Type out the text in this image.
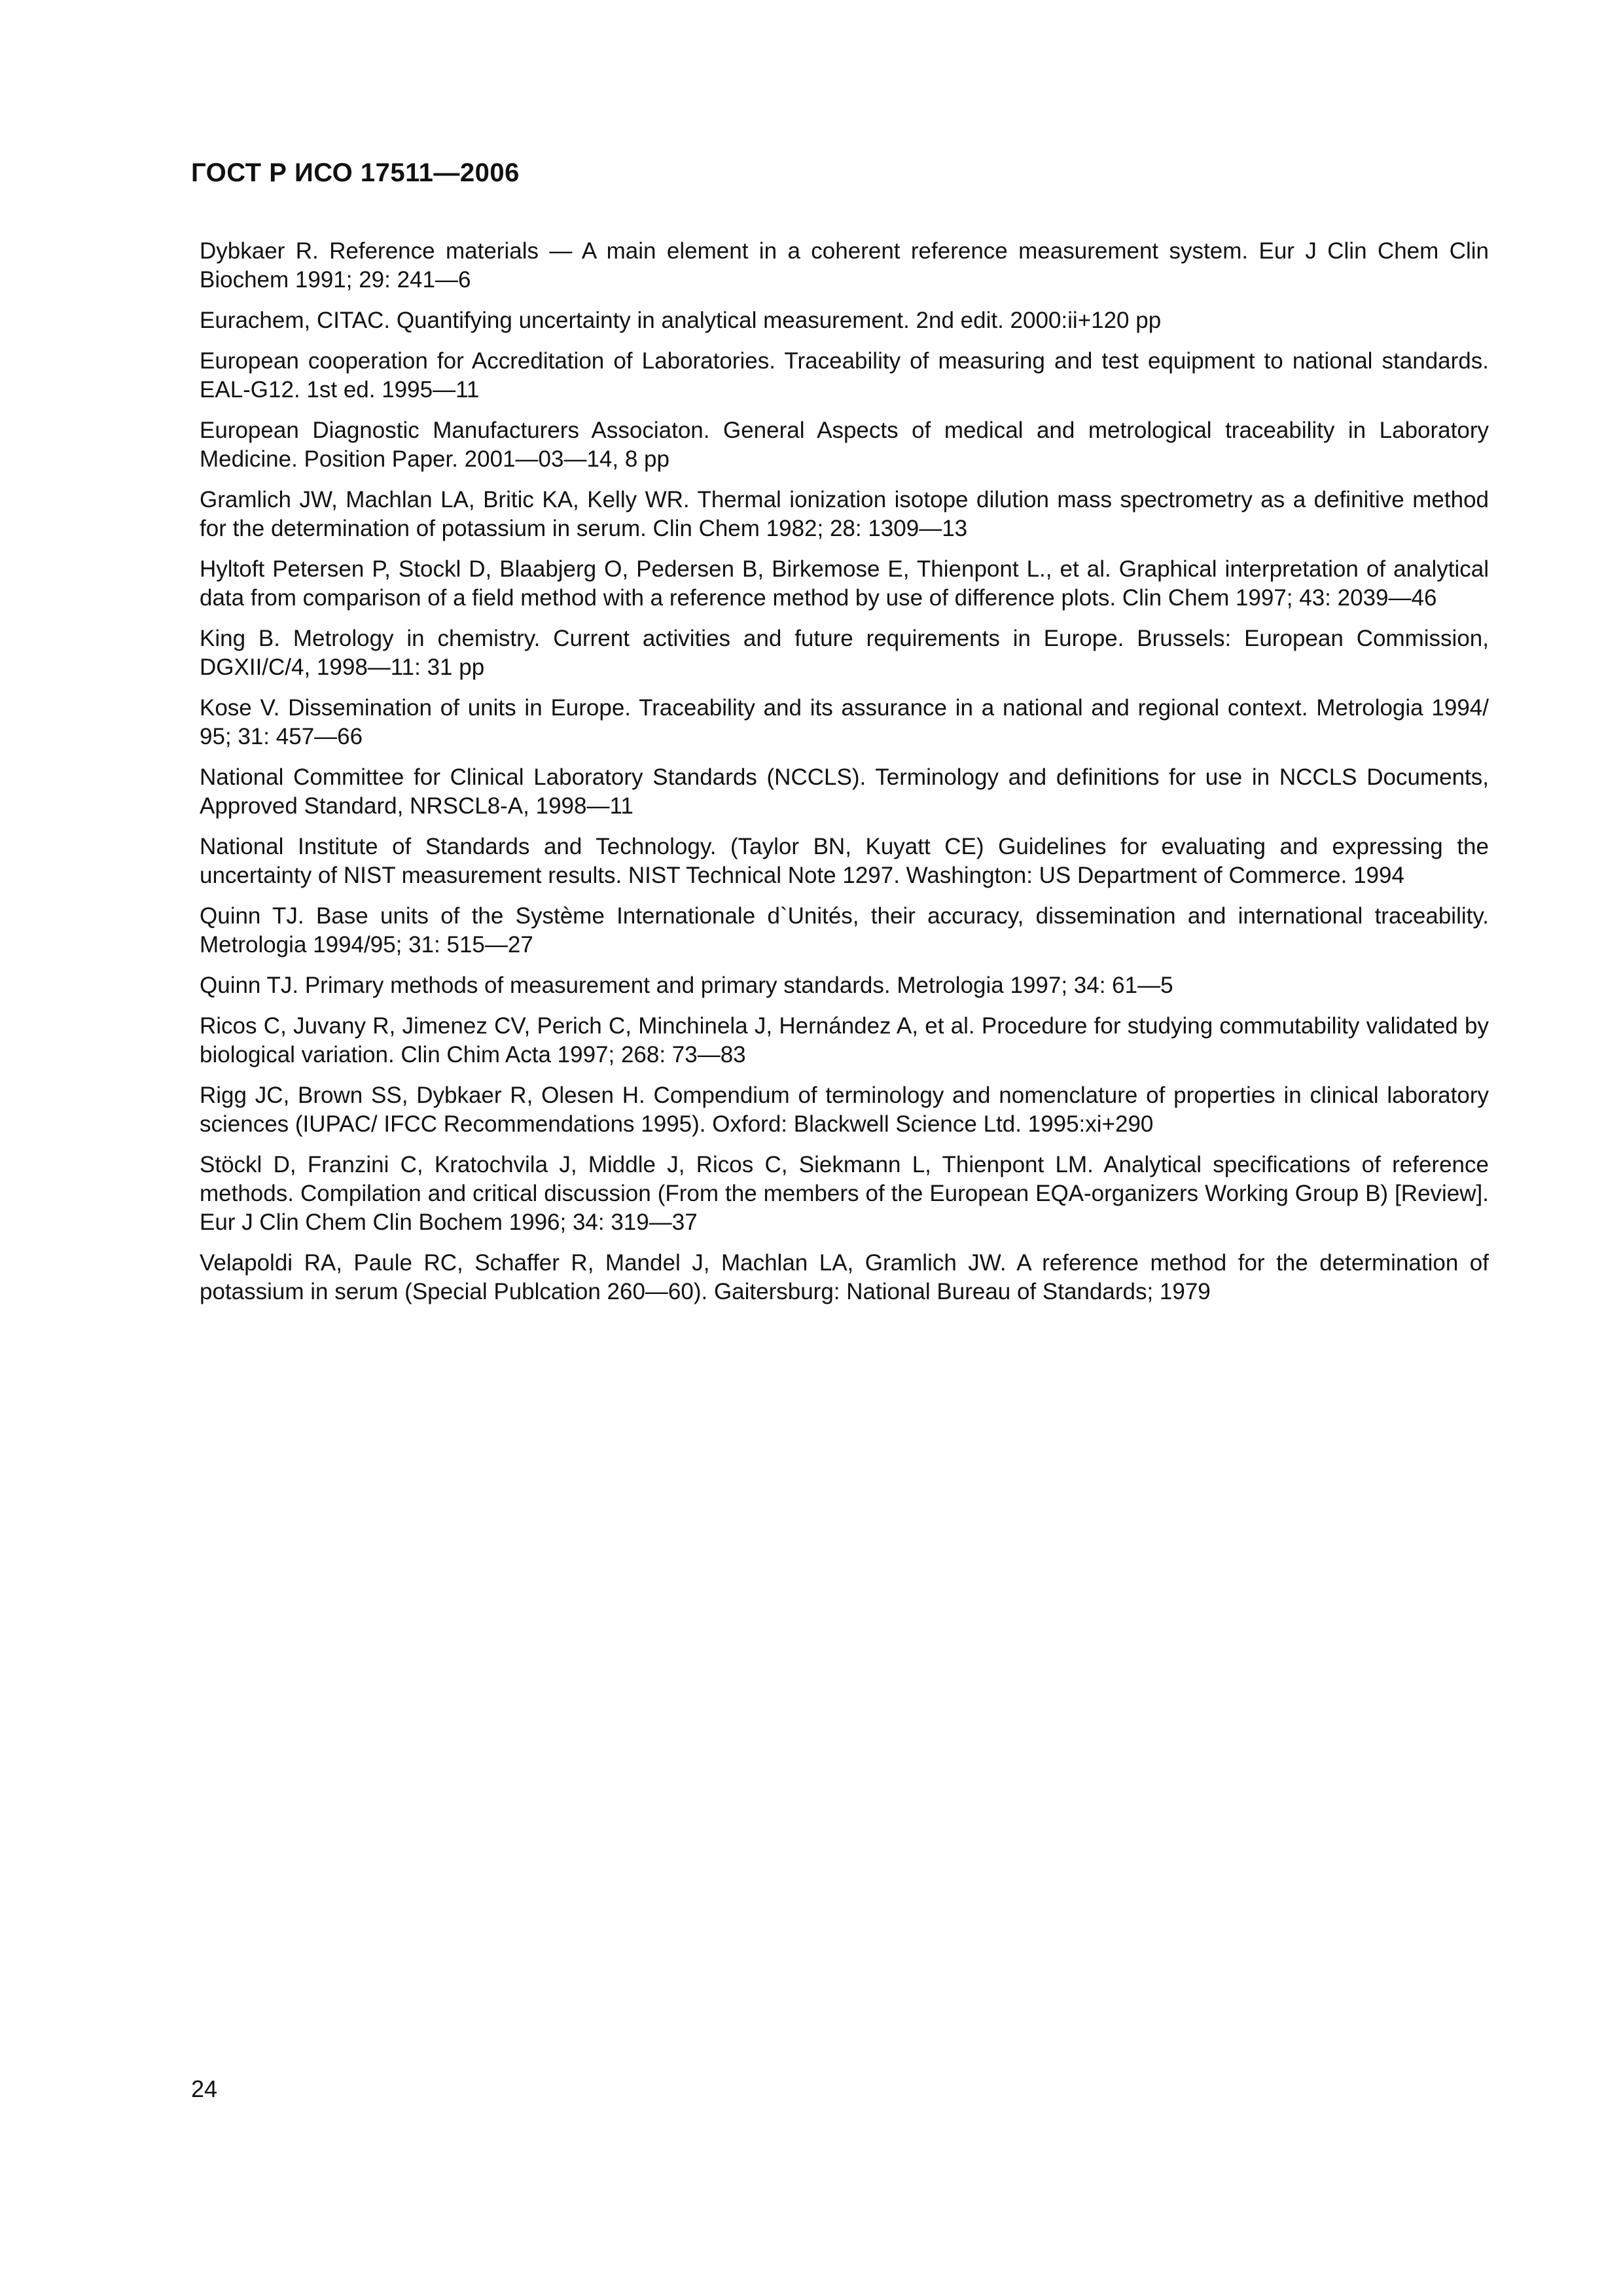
ГОСТ Р ИСО 17511—2006
Dybkaer R. Reference materials — A main element in a coherent reference measurement system. Eur J Clin Chem Clin Biochem 1991; 29: 241—6
Eurachem, CITAC. Quantifying uncertainty in analytical measurement. 2nd edit. 2000:ii+120 pp
European cooperation for Accreditation of Laboratories. Traceability of measuring and test equipment to national standards. EAL-G12. 1st ed. 1995—11
European Diagnostic Manufacturers Associaton. General Aspects of medical and metrological traceability in Laboratory Medicine. Position Paper. 2001—03—14, 8 pp
Gramlich JW, Machlan LA, Britic KA, Kelly WR. Thermal ionization isotope dilution mass spectrometry as a definitive method for the determination of potassium in serum. Clin Chem 1982; 28: 1309—13
Hyltoft Petersen P, Stockl D, Blaabjerg O, Pedersen B, Birkemose E, Thienpont L., et al. Graphical interpretation of analytical data from comparison of a field method with a reference method by use of difference plots. Clin Chem 1997; 43: 2039—46
King B. Metrology in chemistry. Current activities and future requirements in Europe. Brussels: European Commission, DGXII/C/4, 1998—11: 31 pp
Kose V. Dissemination of units in Europe. Traceability and its assurance in a national and regional context. Metrologia 1994/ 95; 31: 457—66
National Committee for Clinical Laboratory Standards (NCCLS). Terminology and definitions for use in NCCLS Documents, Approved Standard, NRSCL8-A, 1998—11
National Institute of Standards and Technology. (Taylor BN, Kuyatt CE) Guidelines for evaluating and expressing the uncertainty of NIST measurement results. NIST Technical Note 1297. Washington: US Department of Commerce. 1994
Quinn TJ. Base units of the Système Internationale d`Unités, their accuracy, dissemination and international traceability. Metrologia 1994/95; 31: 515—27
Quinn TJ. Primary methods of measurement and primary standards. Metrologia 1997; 34: 61—5
Ricos C, Juvany R, Jimenez CV, Perich C, Minchinela J, Hernández A, et al. Procedure for studying commutability validated by biological variation. Clin Chim Acta 1997; 268: 73—83
Rigg JC, Brown SS, Dybkaer R, Olesen H. Compendium of terminology and nomenclature of properties in clinical laboratory sciences (IUPAC/ IFCC Recommendations 1995). Oxford: Blackwell Science Ltd. 1995:xi+290
Stöckl D, Franzini C, Kratochvila J, Middle J, Ricos C, Siekmann L, Thienpont LM. Analytical specifications of reference methods. Compilation and critical discussion (From the members of the European EQA-organizers Working Group B) [Review]. Eur J Clin Chem Clin Bochem 1996; 34: 319—37
Velapoldi RA, Paule RC, Schaffer R, Mandel J, Machlan LA, Gramlich JW. A reference method for the determination of potassium in serum (Special Publcation 260—60). Gaitersburg: National Bureau of Standards; 1979
24
